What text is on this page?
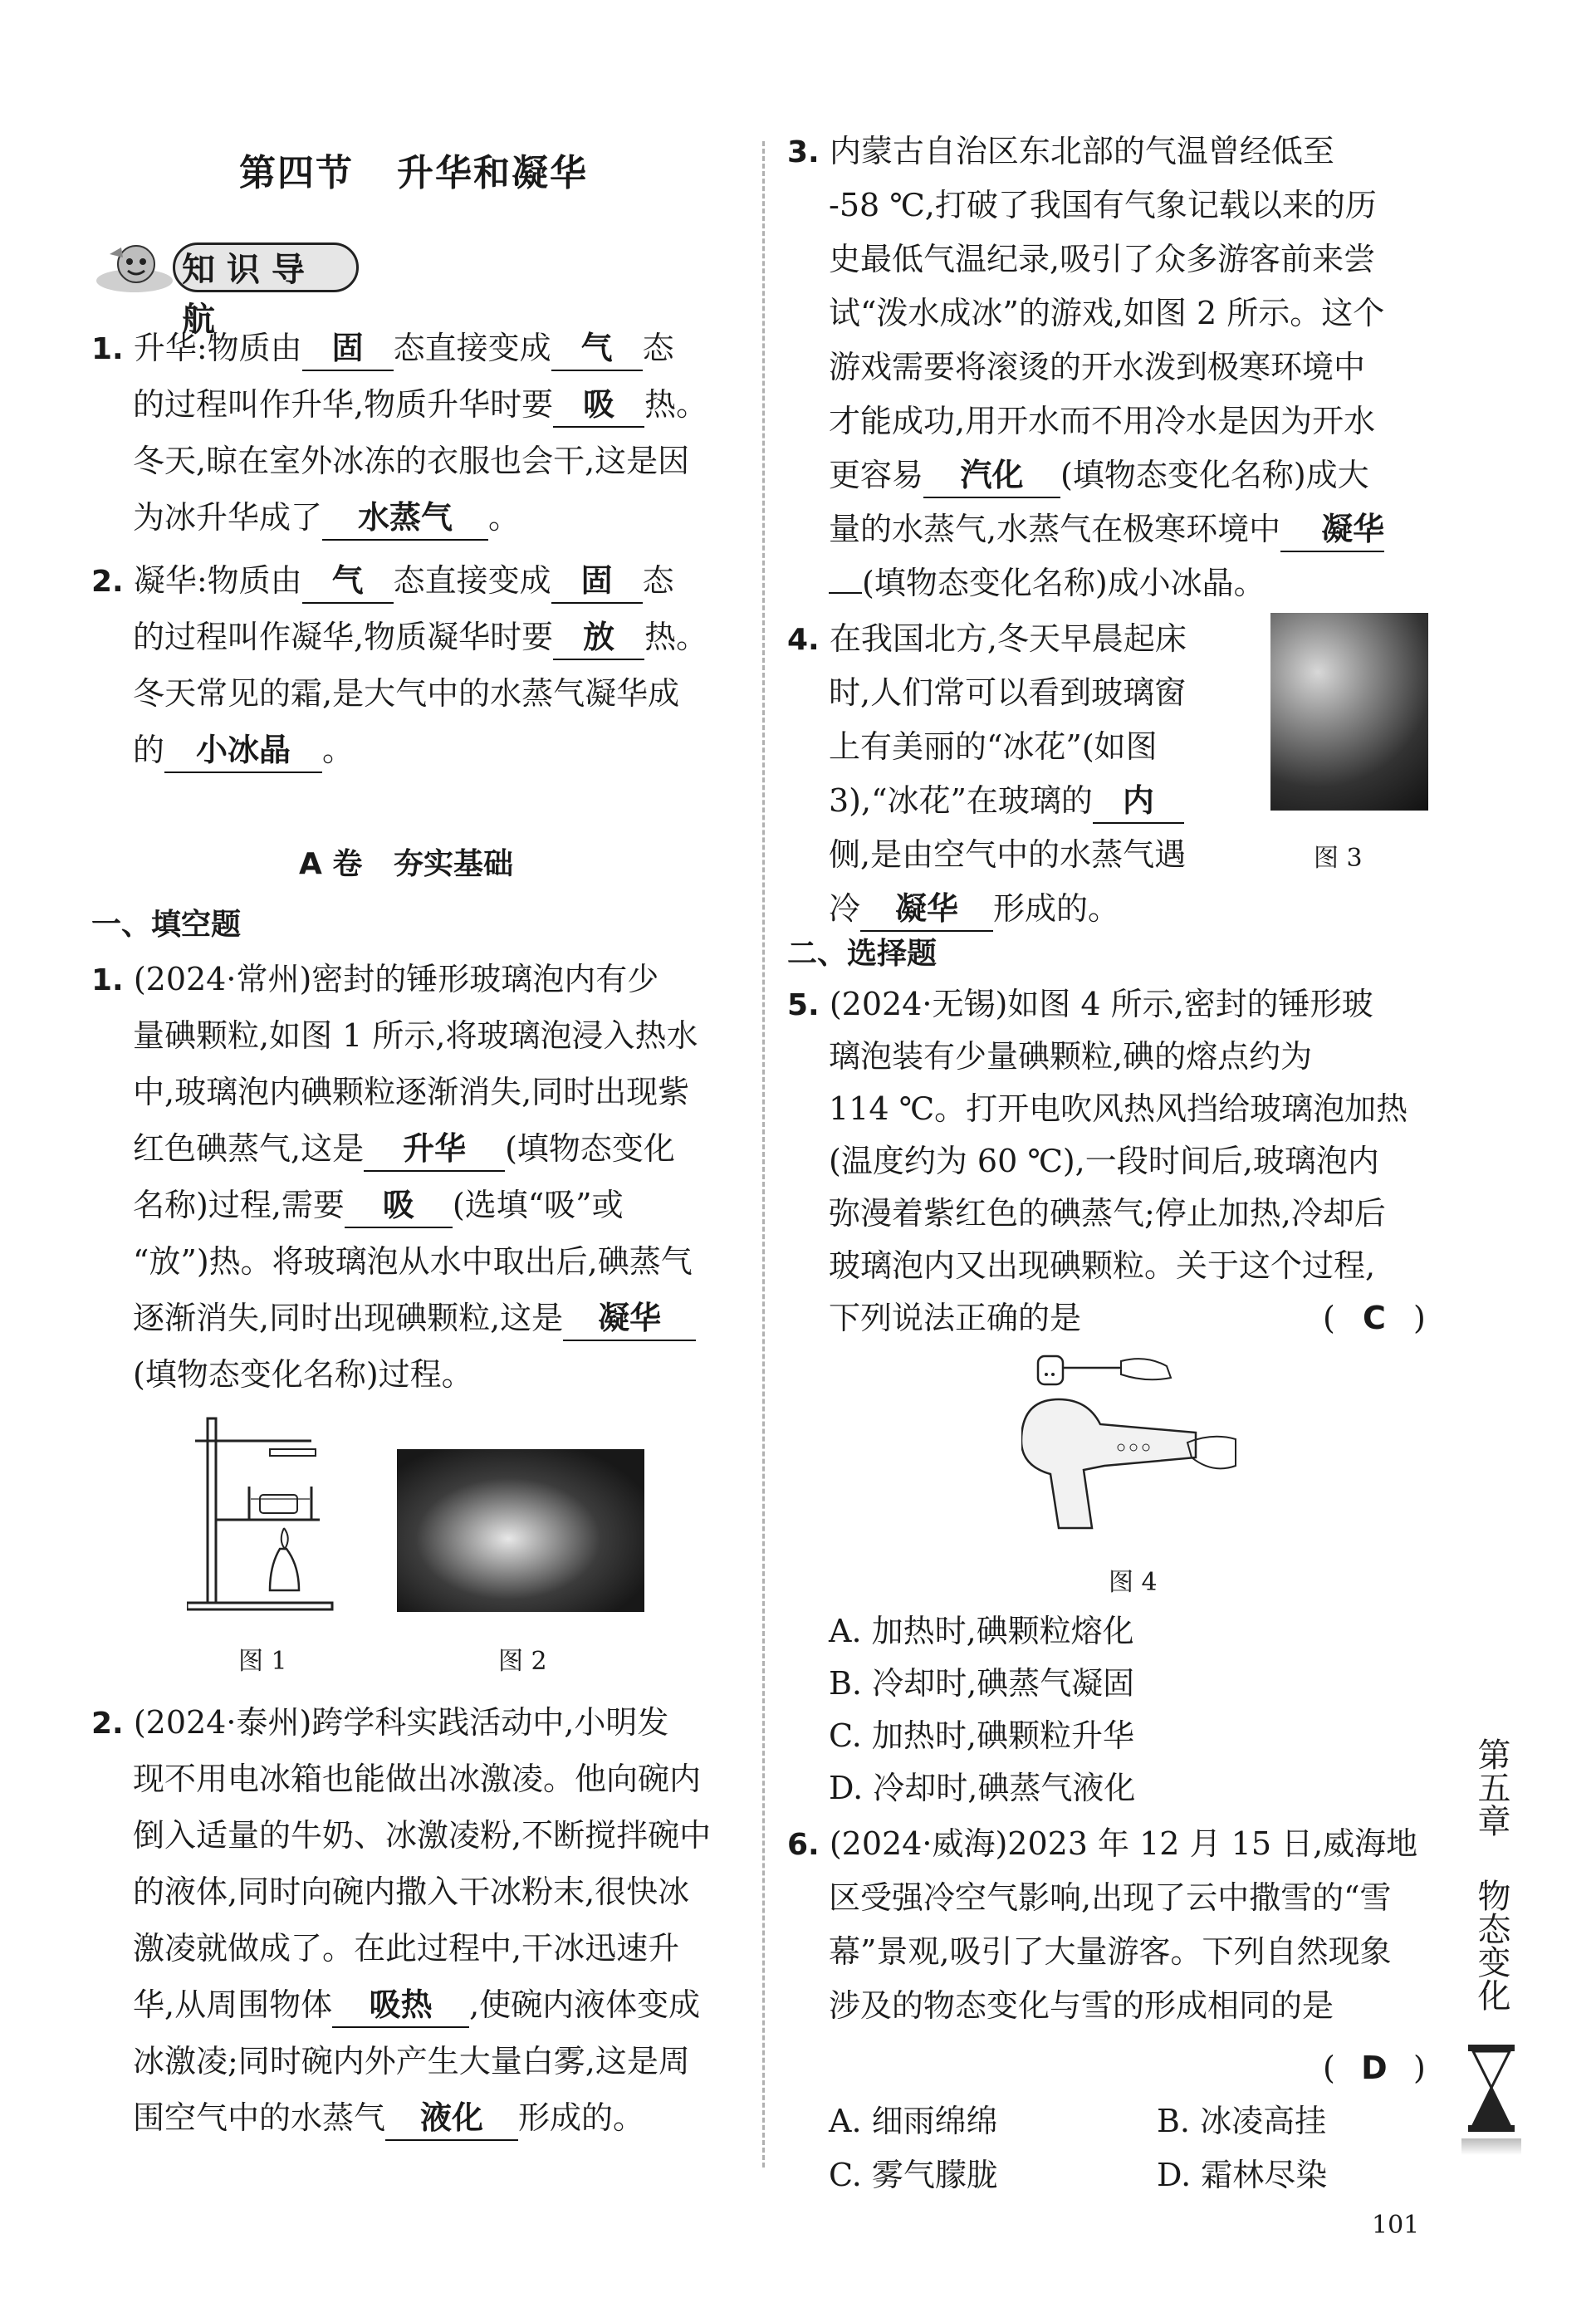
第四节   升华和凝华
知识导航
1. 升华:物质由 固 态直接变成 气 态
的过程叫作升华,物质升华时要 吸 热。
冬天,晾在室外冰冻的衣服也会干,这是因
为冰升华成了 水蒸气 。
2. 凝华:物质由 气 态直接变成 固 态
的过程叫作凝华,物质凝华时要 放 热。
冬天常见的霜,是大气中的水蒸气凝华成
的 小冰晶 。
A 卷   夯实基础
一、填空题
1. (2024·常州)密封的锤形玻璃泡内有少
量碘颗粒,如图 1 所示,将玻璃泡浸入热水
中,玻璃泡内碘颗粒逐渐消失,同时出现紫
红色碘蒸气,这是 升华 (填物态变化
名称)过程,需要 吸 (选填“吸”或
“放”)热。将玻璃泡从水中取出后,碘蒸气
逐渐消失,同时出现碘颗粒,这是 凝华
(填物态变化名称)过程。
图 1	图 2
2. (2024·泰州)跨学科实践活动中,小明发
现不用电冰箱也能做出冰激凌。他向碗内
倒入适量的牛奶、冰激凌粉,不断搅拌碗中
的液体,同时向碗内撒入干冰粉末,很快冰
激凌就做成了。在此过程中,干冰迅速升
华,从周围物体 吸热 ,使碗内液体变成
冰激凌;同时碗内外产生大量白雾,这是周
围空气中的水蒸气 液化 形成的。
3. 内蒙古自治区东北部的气温曾经低至
-58 ℃,打破了我国有气象记载以来的历
史最低气温纪录,吸引了众多游客前来尝
试“泼水成冰”的游戏,如图 2 所示。这个
游戏需要将滚烫的开水泼到极寒环境中
才能成功,用开水而不用冷水是因为开水
更容易 汽化 (填物态变化名称)成大
量的水蒸气,水蒸气在极寒环境中 凝华
(填物态变化名称)成小冰晶。
4. 在我国北方,冬天早晨起床
时,人们常可以看到玻璃窗
上有美丽的“冰花”(如图
3),“冰花”在玻璃的 内
侧,是由空气中的水蒸气遇
冷 凝华 形成的。
图 3
二、选择题
5. (2024·无锡)如图 4 所示,密封的锤形玻
璃泡装有少量碘颗粒,碘的熔点约为
114 ℃。打开电吹风热风挡给玻璃泡加热
(温度约为 60 ℃),一段时间后,玻璃泡内
弥漫着紫红色的碘蒸气;停止加热,冷却后
玻璃泡内又出现碘颗粒。关于这个过程,
下列说法正确的是	( C )
图 4
A. 加热时,碘颗粒熔化
B. 冷却时,碘蒸气凝固
C. 加热时,碘颗粒升华
D. 冷却时,碘蒸气液化
6. (2024·威海)2023 年 12 月 15 日,威海地
区受强冷空气影响,出现了云中撒雪的“雪
幕”景观,吸引了大量游客。下列自然现象
涉及的物态变化与雪的形成相同的是
( D )
A. 细雨绵绵	B. 冰凌高挂
C. 雾气朦胧	D. 霜林尽染
第五章
物态变化
101
